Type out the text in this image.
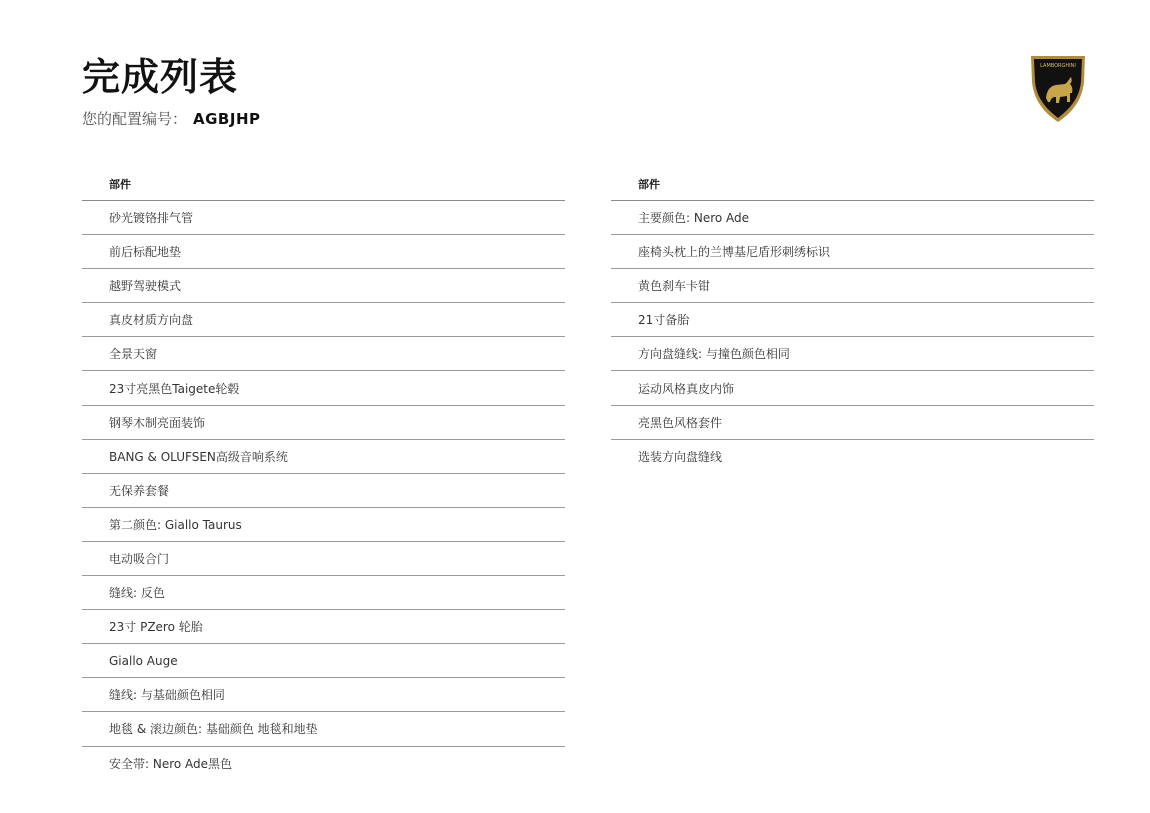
完成列表
您的配置编号： AGBJHP
LAMBORGHINI
部件
砂光镀铬排气管
前后标配地垫
越野驾驶模式
真皮材质方向盘
全景天窗
23寸亮黑色Taigete轮毂
钢琴木制亮面装饰
BANG & OLUFSEN高级音响系统
无保养套餐
第二颜色: Giallo Taurus
电动吸合门
缝线: 反色
23寸 PZero 轮胎
Giallo Auge
缝线: 与基础颜色相同
地毯 & 滚边颜色: 基础颜色 地毯和地垫
安全带: Nero Ade黑色
部件
主要颜色: Nero Ade
座椅头枕上的兰博基尼盾形刺绣标识
黄色刹车卡钳
21寸备胎
方向盘缝线: 与撞色颜色相同
运动风格真皮内饰
亮黑色风格套件
选装方向盘缝线
